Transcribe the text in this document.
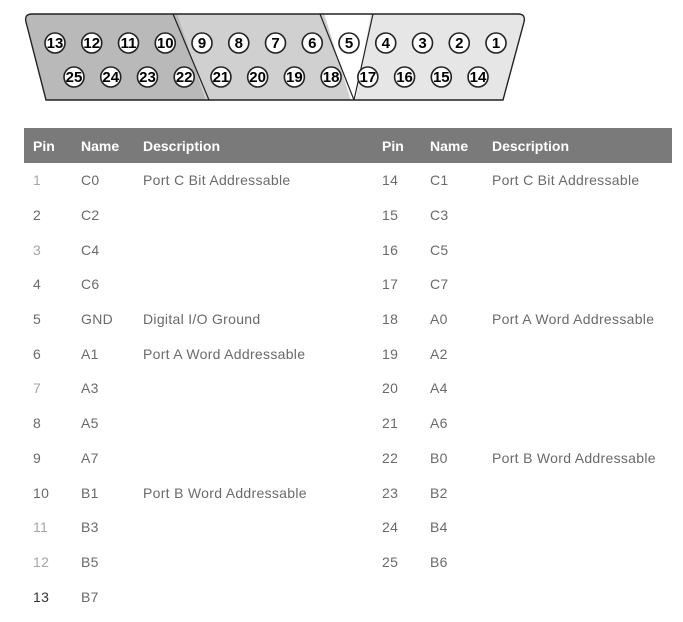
13 12 11 10 9 8 7 6 5 4 3 2 1
25 24 23 22 21 20 19 18 17 16 15 14
Pin	Name	Description	Pin	Name	Description
1	C0	Port C Bit Addressable	14	C1	Port C Bit Addressable
2	C2		15	C3	
3	C4		16	C5	
4	C6		17	C7	
5	GND	Digital I/O Ground	18	A0	Port A Word Addressable
6	A1	Port A Word Addressable	19	A2	
7	A3		20	A4	
8	A5		21	A6	
9	A7		22	B0	Port B Word Addressable
10	B1	Port B Word Addressable	23	B2	
11	B3		24	B4	
12	B5		25	B6	
13	B7				
